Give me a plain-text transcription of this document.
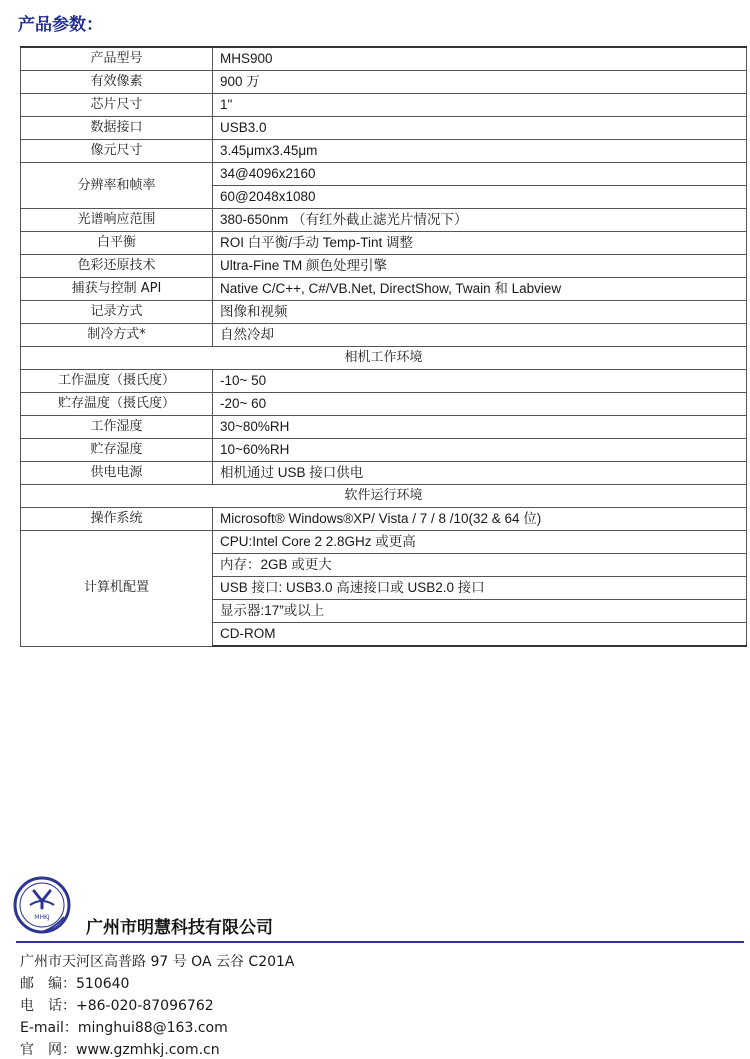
产品参数：
产品型号	MHS900
有效像素	900 万
芯片尺寸	1"
数据接口	USB3.0
像元尺寸	3.45μmx3.45μm
分辨率和帧率	34@4096x2160
	60@2048x1080
光谱响应范围	380-650nm （有红外截止滤光片情况下）
白平衡	ROI 白平衡/手动 Temp-Tint 调整
色彩还原技术	Ultra-Fine TM 颜色处理引擎
捕获与控制 API	Native C/C++, C#/VB.Net, DirectShow, Twain 和 Labview
记录方式	图像和视频
制冷方式*	自然冷却
相机工作环境	
工作温度（摄氏度）	-10~ 50
贮存温度（摄氏度）	-20~ 60
工作湿度	30~80%RH
贮存湿度	10~60%RH
供电电源	相机通过 USB 接口供电
软件运行环境	
操作系统	Microsoft® Windows®XP/ Vista / 7 / 8 /10(32 & 64 位)
计算机配置	CPU:Intel Core 2 2.8GHz 或更高
	内存：2GB 或更大
	USB 接口: USB3.0 高速接口或 USB2.0 接口
	显示器:17”或以上
	CD-ROM
MHKJ
广州市明慧科技有限公司
广州市天河区高普路 97 号 OA 云谷 C201A
邮　编：510640
电　话：+86-020-87096762
E-mail：minghui88@163.com
官　网：www.gzmhkj.com.cn
